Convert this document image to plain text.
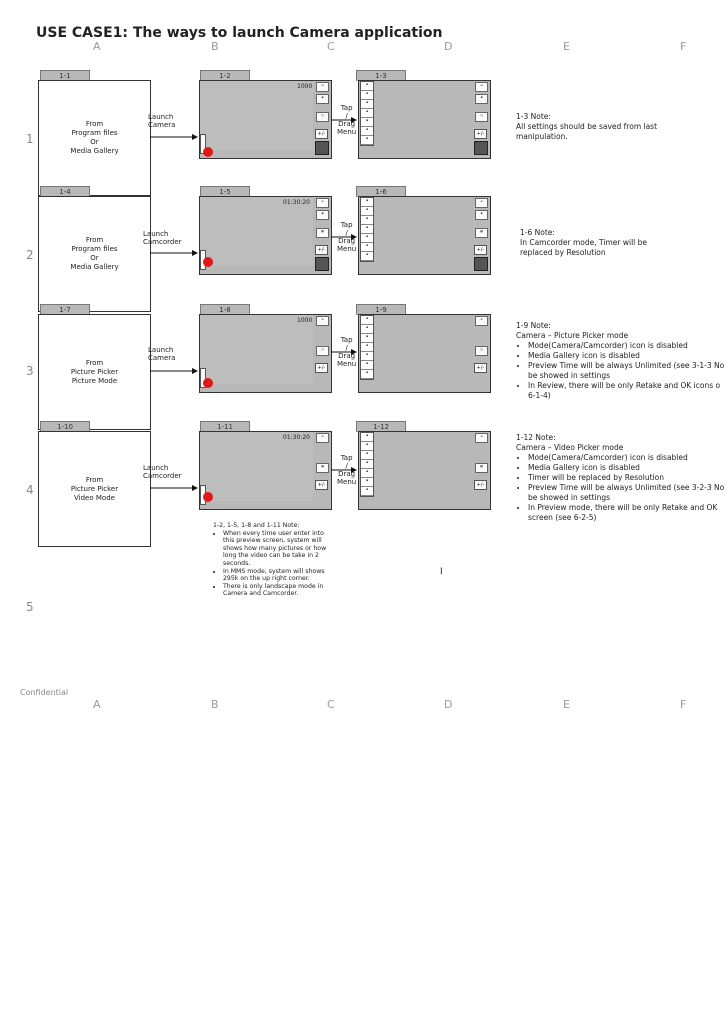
USE CASE1: The ways to launch Camera application
A	B	C	D	E	F
A	B	C	D	E	F
1
2
3
4
5
Confidential
I
1-1
From
Program files
Or
Media Gallery
Launch
Camera
1-2
1000	≡
▪
◷
+/-
Tap
/
Drag
Menu
1-3
▪
▪
▪
▪
▪
▪
▪
≡
▪
◷
+/-
1-3 Note:
All settings should be saved from last manipulation.
1-4
From
Program files
Or
Media Gallery
Launch
Camcorder
1-5
01:30:20	≡
▪
▦
+/-
Tap
/
Drag
Menu
1-6
▪
▪
▪
▪
▪
▪
▪
≡
▪
▦
+/-
1-6 Note:
In Camcorder mode, Timer will be replaced by Resolution
1-7
From
Picture Picker
Picture Mode
Launch
Camera
1-8
1000	≡
◷
+/-
Tap
/
Drag
Menu
1-9
▪
▪
▪
▪
▪
▪
▪
≡
◷
+/-
1-9 Note:
Camera – Picture Picker mode
• Mode(Camera/Camcorder) icon is disabled
• Media Gallery icon is disabled
• Preview Time will be always Unlimited (see 3-1-3 No be showed in settings
• In Review, there will be only Retake and OK icons o 6-1-4)
1-10
From
Picture Picker
Video Mode
Launch
Camcorder
1-11
01:30:20	≡
▦
+/-
Tap
/
Drag
Menu
1-12
▪
▪
▪
▪
▪
▪
▪
≡
▦
+/-
1-12 Note:
Camera – Video Picker mode
• Mode(Camera/Camcorder) icon is disabled
• Media Gallery icon is disabled
• Timer will be replaced by Resolution
• Preview Time will be always Unlimited (see 3-2-3 No be showed in settings
• In Preview mode, there will be only Retake and OK screen (see 6-2-5)
1-2, 1-5, 1-8 and 1-11 Note:
• When every time user enter into this preview screen, system will shows how many pictures or how long the video can be take in 2 seconds.
• In MMS mode, system will shows 295k on the up right corner.
• There is only landscape mode in Camera and Camcorder.
